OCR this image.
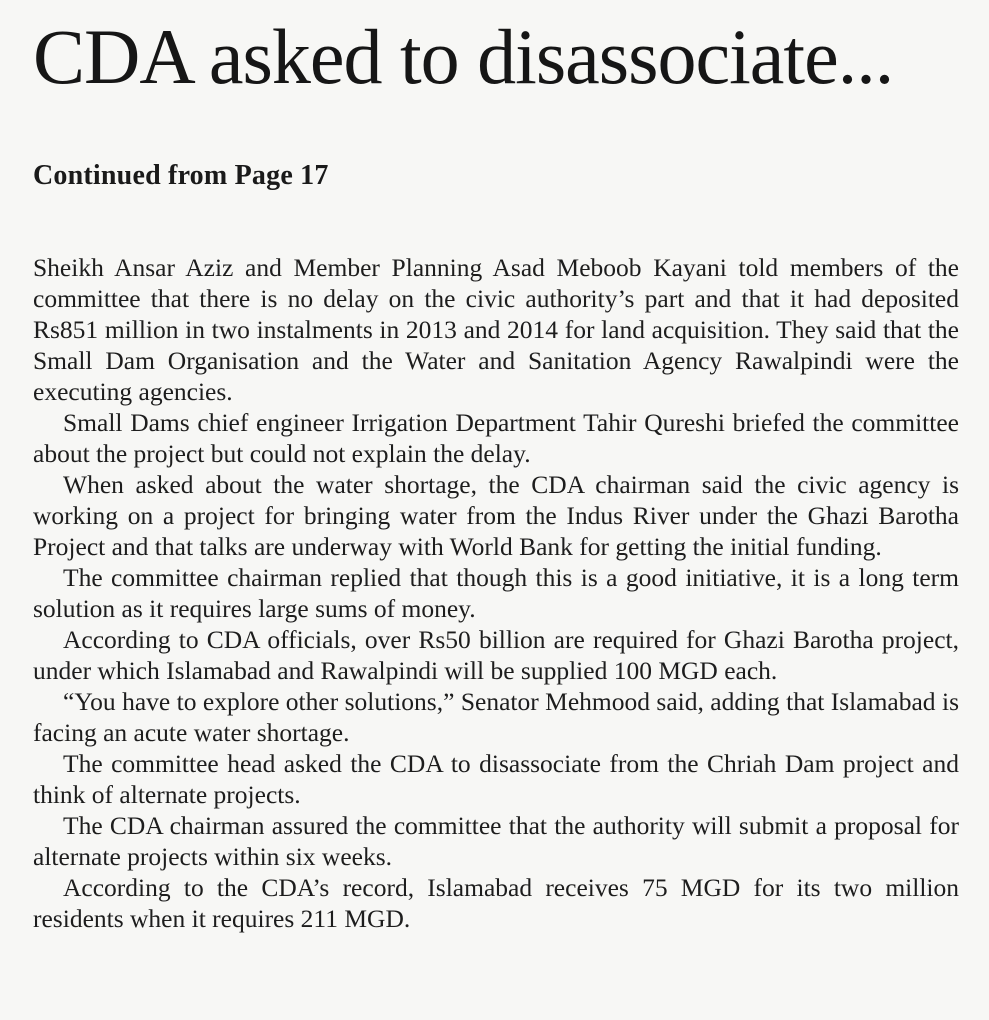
CDA asked to disassociate...
Continued from Page 17

Sheikh Ansar Aziz and Member Planning Asad Meboob Kayani told members of the committee that there is no delay on the civic authority’s part and that it had deposited Rs851 million in two instalments in 2013 and 2014 for land acquisition. They said that the Small Dam Organisation and the Water and Sanitation Agency Rawalpindi were the executing agencies.

Small Dams chief engineer Irrigation Department Tahir Qureshi briefed the committee about the project but could not explain the delay.

When asked about the water shortage, the CDA chairman said the civic agency is working on a project for bringing water from the Indus River under the Ghazi Barotha Project and that talks are underway with World Bank for getting the initial funding.

The committee chairman replied that though this is a good initiative, it is a long term solution as it requires large sums of money.

According to CDA officials, over Rs50 billion are required for Ghazi Barotha project, under which Islamabad and Rawalpindi will be supplied 100 MGD each.

“You have to explore other solutions,” Senator Mehmood said, adding that Islamabad is facing an acute water shortage.

The committee head asked the CDA to disassociate from the Chriah Dam project and think of alternate projects.

The CDA chairman assured the committee that the authority will submit a proposal for alternate projects within six weeks.

According to the CDA’s record, Islamabad receives 75 MGD for its two million residents when it requires 211 MGD.
